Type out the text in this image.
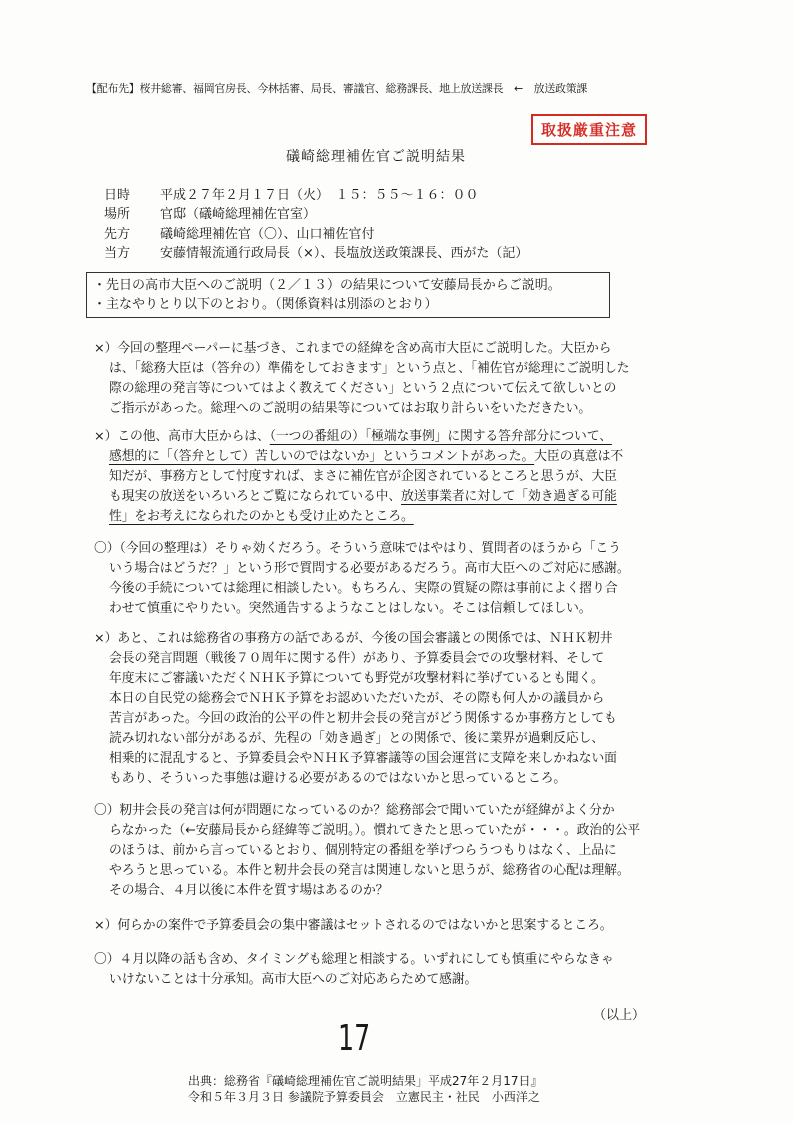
【配布先】桜井総審、福岡官房長、今林括審、局長、審議官、総務課長、地上放送課長　←　放送政策課
取扱厳重注意
礒崎総理補佐官ご説明結果
日時	平成２７年２月１７日（火）　１５：５５〜１６：００
場所	官邸（礒崎総理補佐官室）
先方	礒崎総理補佐官（〇）、山口補佐官付
当方	安藤情報流通行政局長（×）、長塩放送政策課長、西がた（記）
・先日の高市大臣へのご説明（２／１３）の結果について安藤局長からご説明。
・主なやりとり以下のとおり。（関係資料は別添のとおり）
×）今回の整理ペーパーに基づき、これまでの経緯を含め高市大臣にご説明した。大臣から
は、「総務大臣は（答弁の）準備をしておきます」という点と、「補佐官が総理にご説明した
際の総理の発言等についてはよく教えてください」という２点について伝えて欲しいとの
ご指示があった。総理へのご説明の結果等についてはお取り計らいをいただきたい。
×）この他、高市大臣からは、（一つの番組の）「極端な事例」に関する答弁部分について、
感想的に「（答弁として）苦しいのではないか」というコメントがあった。大臣の真意は不
知だが、事務方として忖度すれば、まさに補佐官が企図されているところと思うが、大臣
も現実の放送をいろいろとご覧になられている中、放送事業者に対して「効き過ぎる可能
性」をお考えになられたのかとも受け止めたところ。
〇）（今回の整理は）そりゃ効くだろう。そういう意味ではやはり、質問者のほうから「こう
いう場合はどうだ？」という形で質問する必要があるだろう。高市大臣へのご対応に感謝。
今後の手続については総理に相談したい。もちろん、実際の質疑の際は事前によく摺り合
わせて慎重にやりたい。突然通告するようなことはしない。そこは信頼してほしい。
×）あと、これは総務省の事務方の話であるが、今後の国会審議との関係では、ＮＨＫ籾井
会長の発言問題（戦後７０周年に関する件）があり、予算委員会での攻撃材料、そして
年度末にご審議いただくＮＨＫ予算についても野党が攻撃材料に挙げているとも聞く。
本日の自民党の総務会でＮＨＫ予算をお認めいただいたが、その際も何人かの議員から
苦言があった。今回の政治的公平の件と籾井会長の発言がどう関係するか事務方としても
読み切れない部分があるが、先程の「効き過ぎ」との関係で、後に業界が過剰反応し、
相乗的に混乱すると、予算委員会やＮＨＫ予算審議等の国会運営に支障を来しかねない面
もあり、そういった事態は避ける必要があるのではないかと思っているところ。
〇）籾井会長の発言は何が問題になっているのか？総務部会で聞いていたが経緯がよく分か
らなかった（←安藤局長から経緯等ご説明。）。慣れてきたと思っていたが・・・。政治的公平
のほうは、前から言っているとおり、個別特定の番組を挙げつらうつもりはなく、上品に
やろうと思っている。本件と籾井会長の発言は関連しないと思うが、総務省の心配は理解。
その場合、４月以後に本件を質す場はあるのか？
×）何らかの案件で予算委員会の集中審議はセットされるのではないかと思案するところ。
〇）４月以降の話も含め、タイミングも総理と相談する。いずれにしても慎重にやらなきゃ
いけないことは十分承知。高市大臣へのご対応あらためて感謝。
（以上）
17
出典：総務省『礒崎総理補佐官ご説明結果」平成27年２月17日』
令和５年３月３日 参議院予算委員会　立憲民主・社民　小西洋之
